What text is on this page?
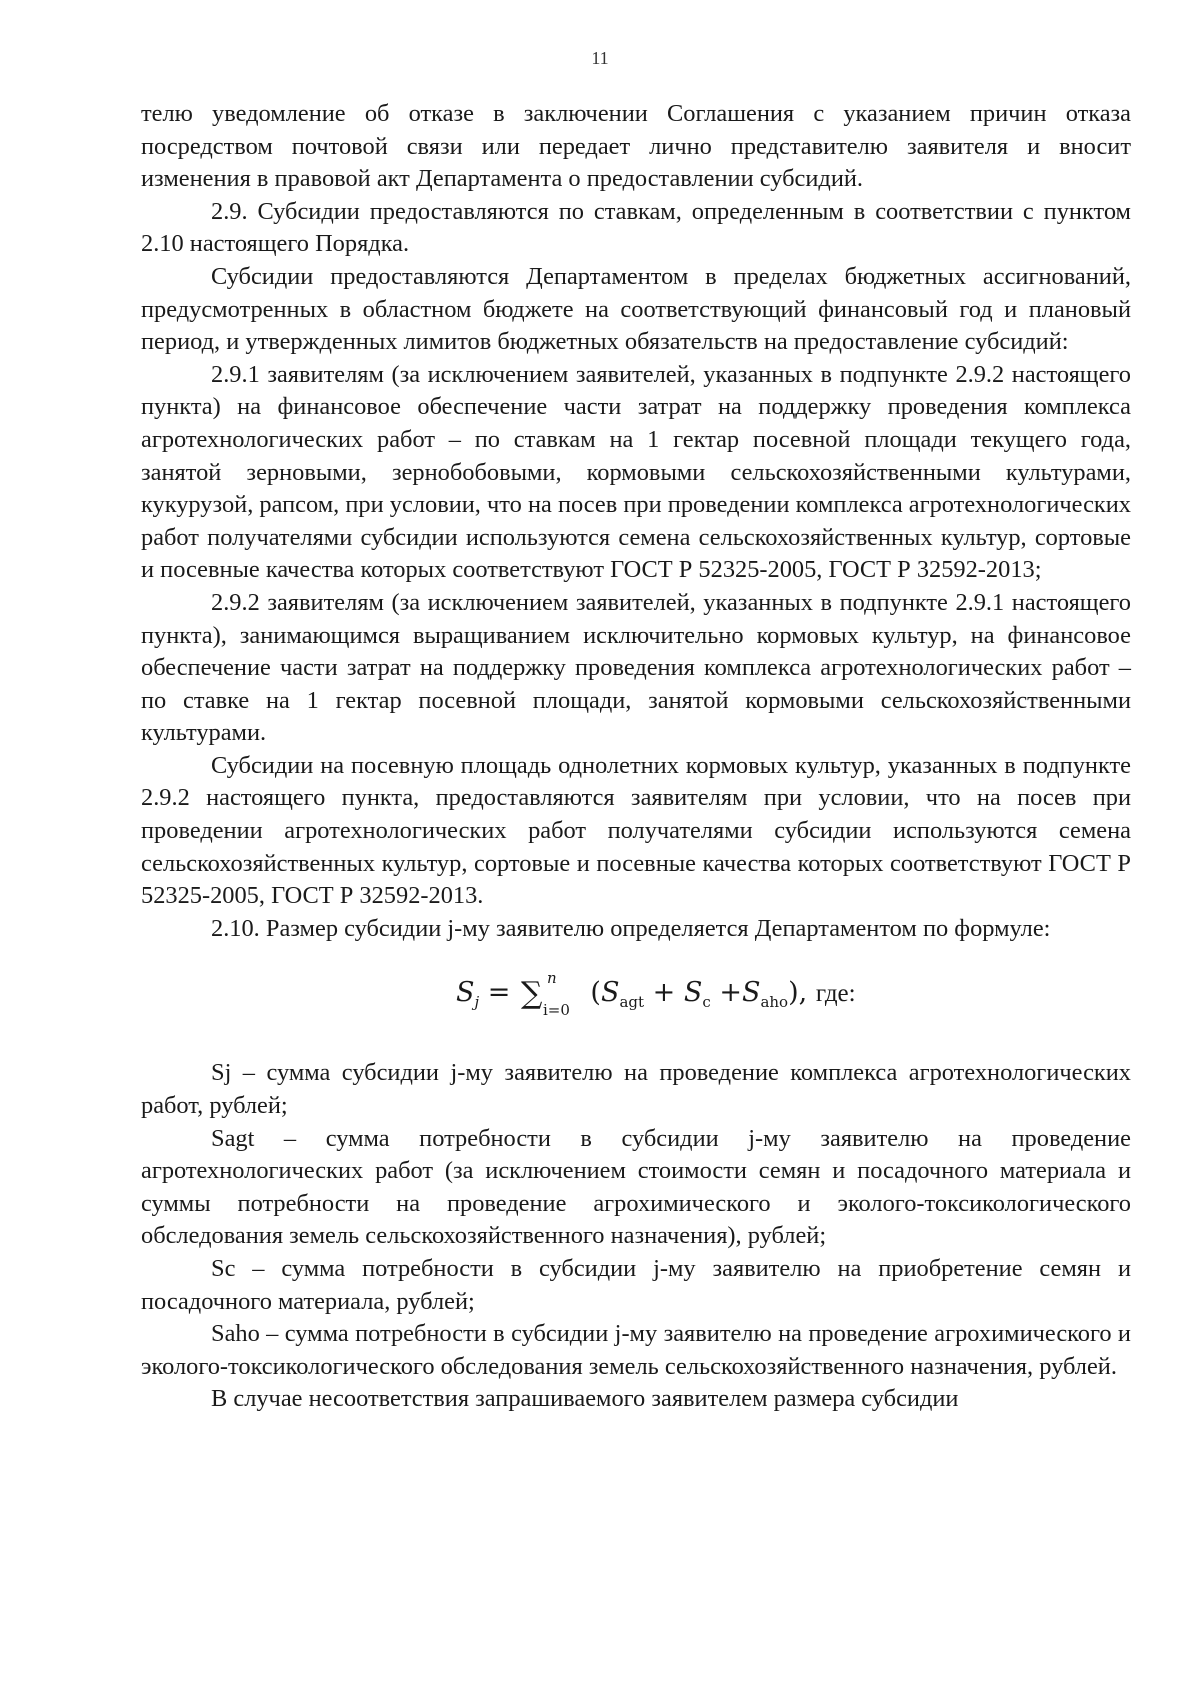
11

телю уведомление об отказе в заключении Соглашения с указанием причин отказа посредством почтовой связи или передает лично представителю заявителя и вносит изменения в правовой акт Департамента о предоставлении субсидий.

2.9. Субсидии предоставляются по ставкам, определенным в соответствии с пунктом 2.10 настоящего Порядка.

Субсидии предоставляются Департаментом в пределах бюджетных ассигнований, предусмотренных в областном бюджете на соответствующий финансовый год и плановый период, и утвержденных лимитов бюджетных обязательств на предоставление субсидий:

2.9.1 заявителям (за исключением заявителей, указанных в подпункте 2.9.2 настоящего пункта) на финансовое обеспечение части затрат на поддержку проведения комплекса агротехнологических работ – по ставкам на 1 гектар посевной площади текущего года, занятой зерновыми, зернобобовыми, кормовыми сельскохозяйственными культурами, кукурузой, рапсом, при условии, что на посев при проведении комплекса агротехнологических работ получателями субсидии используются семена сельскохозяйственных культур, сортовые и посевные качества которых соответствуют ГОСТ Р 52325-2005, ГОСТ Р 32592-2013;

2.9.2 заявителям (за исключением заявителей, указанных в подпункте 2.9.1 настоящего пункта), занимающимся выращиванием исключительно кормовых культур, на финансовое обеспечение части затрат на поддержку проведения комплекса агротехнологических работ – по ставке на 1 гектар посевной площади, занятой кормовыми сельскохозяйственными культурами.

Субсидии на посевную площадь однолетних кормовых культур, указанных в подпункте 2.9.2 настоящего пункта, предоставляются заявителям при условии, что на посев при проведении агротехнологических работ получателями субсидии используются семена сельскохозяйственных культур, сортовые и посевные качества которых соответствуют ГОСТ Р 52325-2005, ГОСТ Р 32592-2013.

2.10. Размер субсидии j-му заявителю определяется Департаментом по формуле:

$S_j$ = ∑ n
i=0
$(S_{agt} + S_c +S_{aho})$, где:

Sj – сумма субсидии j-му заявителю на проведение комплекса агротехнологических работ, рублей;

Sagt – сумма потребности в субсидии j-му заявителю на проведение агротехнологических работ (за исключением стоимости семян и посадочного материала и суммы потребности на проведение агрохимического и эколого-токсикологического обследования земель сельскохозяйственного назначения), рублей;

Sc – сумма потребности в субсидии j-му заявителю на приобретение семян и посадочного материала, рублей;

Saho – сумма потребности в субсидии j-му заявителю на проведение агрохимического и эколого-токсикологического обследования земель сельскохозяйственного назначения, рублей.

В случае несоответствия запрашиваемого заявителем размера субсидии
